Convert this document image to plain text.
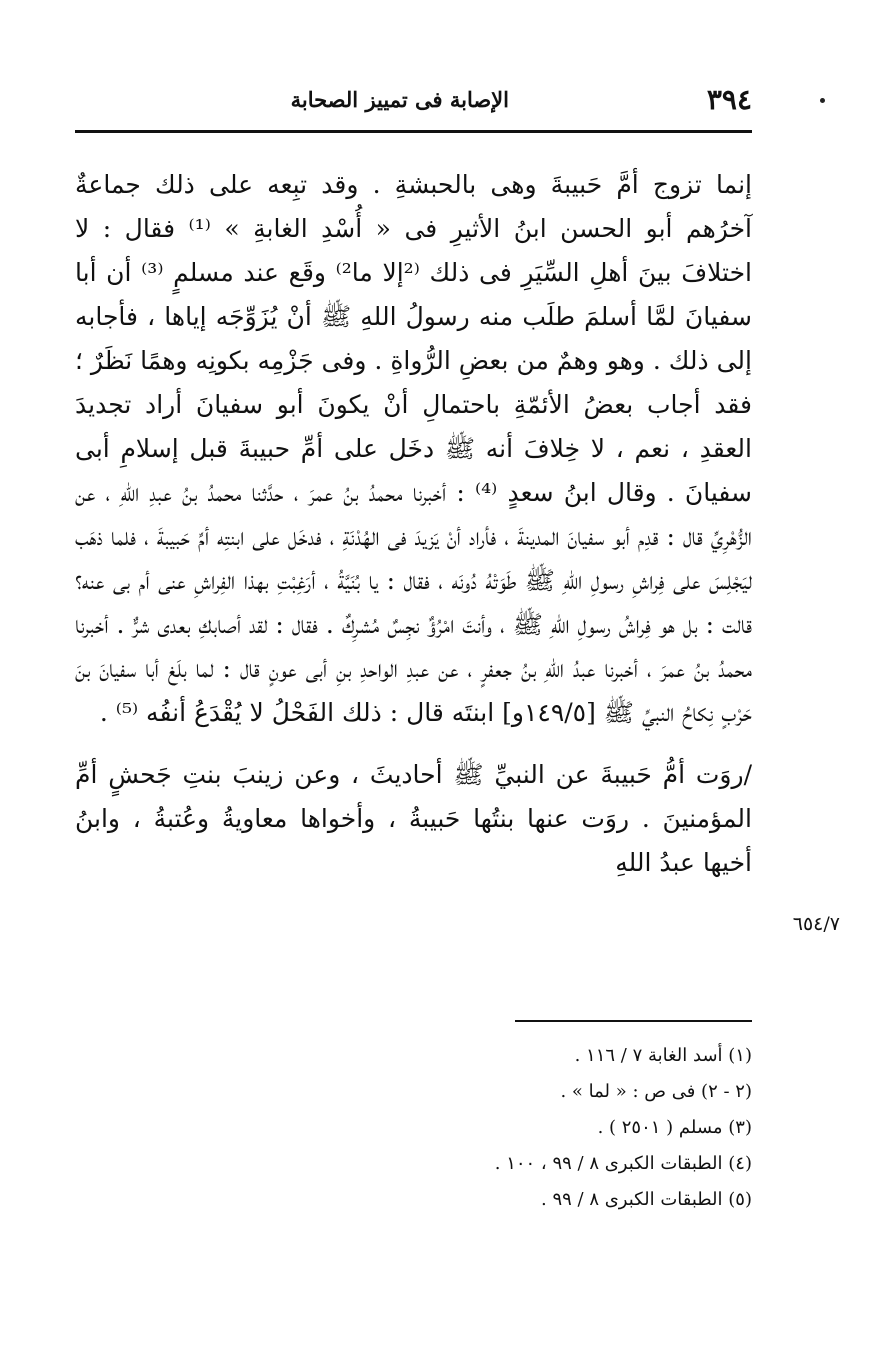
٣٩٤
الإصابة فى تمييز الصحابة

إنما تزوج أمَّ حَبيبةَ وهى بالحبشةِ . وقد تبِعه على ذلك جماعةٌ آخرُهم أبو الحسن ابنُ الأثيرِ فى « أُسْدِ الغابةِ » ⁽¹⁾ فقال : لا اختلافَ بينَ أهلِ السِّيَرِ فى ذلك ⁽²إلا ما²⁾ وقَع عند مسلمٍ ⁽³⁾ أن أبا سفيانَ لمَّا أسلمَ طلَب منه رسولُ اللهِ ﷺ أنْ يُزَوِّجَه إياها ، فأجابه إلى ذلك . وهو وهمٌ من بعضِ الرُّواةِ . وفى جَزْمِه بكونِه وهمًا نَظَرٌ ؛ فقد أجاب بعضُ الأئمّةِ باحتمالِ أنْ يكونَ أبو سفيانَ أراد تجديدَ العقدِ ، نعم ، لا خِلافَ أنه ﷺ دخَل على أمِّ حبيبةَ قبل إسلامِ أبى سفيانَ . وقال ابنُ سعدٍ ⁽⁴⁾ : أخبرنا محمدُ بنُ عمرَ ، حدَّثنا محمدُ بنُ عبدِ اللهِ ، عن الزُّهْرِيِّ قال : قدِم أبو سفيانَ المدينةَ ، فأراد أنْ يَزيدَ فى الهُدْنَةِ ، فدخَل على ابنتِه أمِّ حَبيبةَ ، فلما ذهَب ليَجْلِسَ على فِراشِ رسولِ اللهِ ﷺ طَوَتْهُ دُونَه ، فقال : يا بُنَيَّةُ ، أرَغِبْتِ بهذا الفِراشِ عنى أم بى عنه؟ قالت : بل هو فِراشُ رسولِ اللهِ ﷺ ، وأنتَ امْرُؤٌ نجِسٌ مُشرِكٌ . فقال : لقد أصابكِ بعدى شرٌّ . أخبرنا محمدُ بنُ عمرَ ، أخبرنا عبدُ اللهِ بنُ جعفرٍ ، عن عبدِ الواحدِ بنِ أبى عونٍ قال : لما بلَغ أبا سفيانَ بنَ حَرْبٍ نِكاحُ النبيِّ ﷺ [١٤٩/٥و] ابنتَه قال : ذلك الفَحْلُ لا يُقْدَعُ أنفُه ⁽⁵⁾ .

/روَت أمُّ حَبيبةَ عن النبيِّ ﷺ أحاديثَ ، وعن زينبَ بنتِ جَحشٍ أمِّ المؤمنينَ . روَت عنها بنتُها حَبيبةُ ، وأخواها معاويةُ وعُتبةُ ، وابنُ أخيها عبدُ اللهِ

٦٥٤/٧
(١) أسد الغابة ٧ / ١١٦ .
(٢ - ٢) فى ص : « لما » .
(٣) مسلم ( ٢٥٠١ ) .
(٤) الطبقات الكبرى ٨ / ٩٩ ، ١٠٠ .
(٥) الطبقات الكبرى ٨ / ٩٩ .
